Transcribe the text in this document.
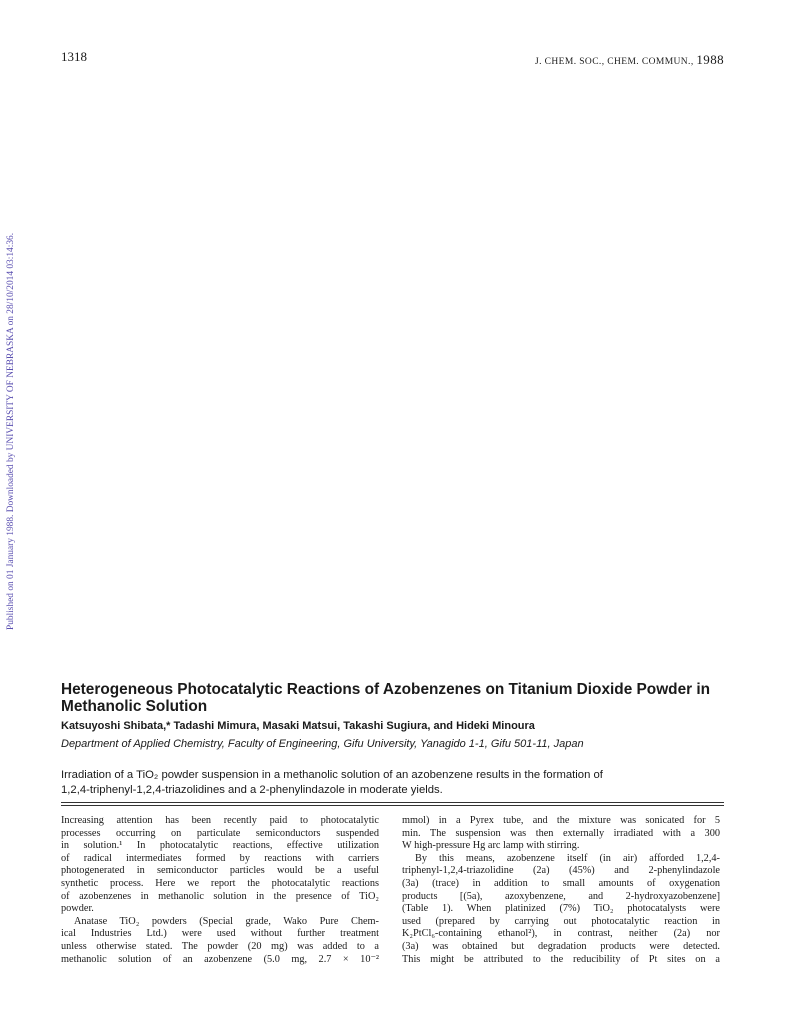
1318	J. CHEM. SOC., CHEM. COMMUN., 1988
Published on 01 January 1988. Downloaded by UNIVERSITY OF NEBRASKA on 28/10/2014 03:14:36.
Heterogeneous Photocatalytic Reactions of Azobenzenes on Titanium Dioxide Powder in Methanolic Solution

Katsuyoshi Shibata,* Tadashi Mimura, Masaki Matsui, Takashi Sugiura, and Hideki Minoura

Department of Applied Chemistry, Faculty of Engineering, Gifu University, Yanagido 1-1, Gifu 501-11, Japan

Irradiation of a TiO₂ powder suspension in a methanolic solution of an azobenzene results in the formation of
1,2,4-triphenyl-1,2,4-triazolidines and a 2-phenylindazole in moderate yields.

Increasing attention has been recently paid to photocatalytic
processes occurring on particulate semiconductors suspended
in solution.¹ In photocatalytic reactions, effective utilization
of radical intermediates formed by reactions with carriers
photogenerated in semiconductor particles would be a useful
synthetic process. Here we report the photocatalytic reactions
of azobenzenes in methanolic solution in the presence of TiO₂
powder.

Anatase TiO₂ powders (Special grade, Wako Pure Chem-
ical Industries Ltd.) were used without further treatment
unless otherwise stated. The powder (20 mg) was added to a
methanolic solution of an azobenzene (5.0 mg, 2.7 × 10⁻²

mmol) in a Pyrex tube, and the mixture was sonicated for 5
min. The suspension was then externally irradiated with a 300
W high-pressure Hg arc lamp with stirring.

By this means, azobenzene itself (in air) afforded 1,2,4-
triphenyl-1,2,4-triazolidine (2a) (45%) and 2-phenylindazole
(3a) (trace) in addition to small amounts of oxygenation
products [(5a), azoxybenzene, and 2-hydroxyazobenzene]
(Table 1). When platinized (7%) TiO₂ photocatalysts were
used (prepared by carrying out photocatalytic reaction in
K₂PtCl₆-containing ethanol²), in contrast, neither (2a) nor
(3a) was obtained but degradation products were detected.
This might be attributed to the reducibility of Pt sites on a
